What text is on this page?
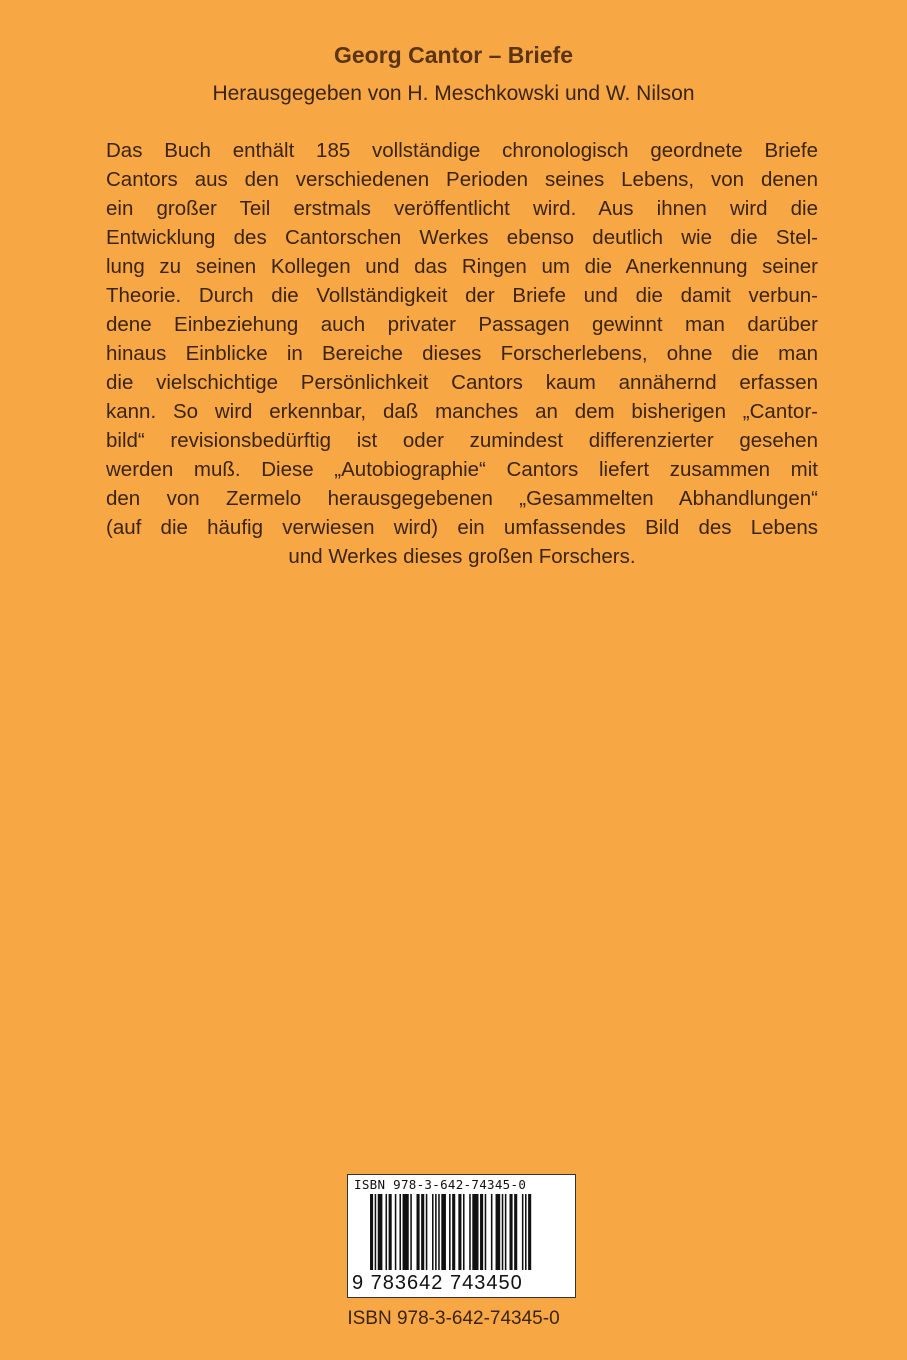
Georg Cantor – Briefe

Herausgegeben von H. Meschkowski und W. Nilson

Das Buch enthält 185 vollständige chronologisch geordnete Briefe
Cantors aus den verschiedenen Perioden seines Lebens, von denen
ein großer Teil erstmals veröffentlicht wird. Aus ihnen wird die
Entwicklung des Cantorschen Werkes ebenso deutlich wie die Stel-
lung zu seinen Kollegen und das Ringen um die Anerkennung seiner
Theorie. Durch die Vollständigkeit der Briefe und die damit verbun-
dene Einbeziehung auch privater Passagen gewinnt man darüber
hinaus Einblicke in Bereiche dieses Forscherlebens, ohne die man
die vielschichtige Persönlichkeit Cantors kaum annähernd erfassen
kann. So wird erkennbar, daß manches an dem bisherigen „Cantor-
bild“ revisionsbedürftig ist oder zumindest differenzierter gesehen
werden muß. Diese „Autobiographie“ Cantors liefert zusammen mit
den von Zermelo herausgegebenen „Gesammelten Abhandlungen“
(auf die häufig verwiesen wird) ein umfassendes Bild des Lebens
und Werkes dieses großen Forschers.
ISBN 978-3-642-74345-0
9 783642 743450

ISBN 978-3-642-74345-0
